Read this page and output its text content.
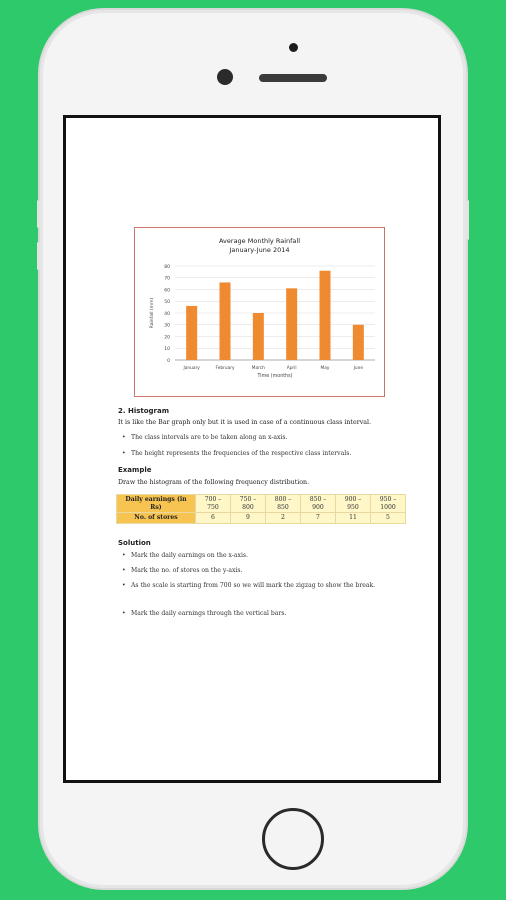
Average Monthly Rainfall
January-June 2014
0
10
20
30
40
50
60
70
80
January	February	March	April	May	June
Time (months)
Rainfall (mm)
2. Histogram
It is like the Bar graph only but it is used in case of a continuous class interval.
• The class intervals are to be taken along an x-axis.
• The height represents the frequencies of the respective class intervals.
Example
Draw the histogram of the following frequency distribution.
Daily earnings (in Rs)	700 – 750	750 – 800	800 – 850	850 – 900	900 – 950	950 – 1000
No. of stores	6	9	2	7	11	5
Solution
• Mark the daily earnings on the x-axis.
• Mark the no. of stores on the y-axis.
• As the scale is starting from 700 so we will mark the zigzag to show the break.
• Mark the daily earnings through the vertical bars.
